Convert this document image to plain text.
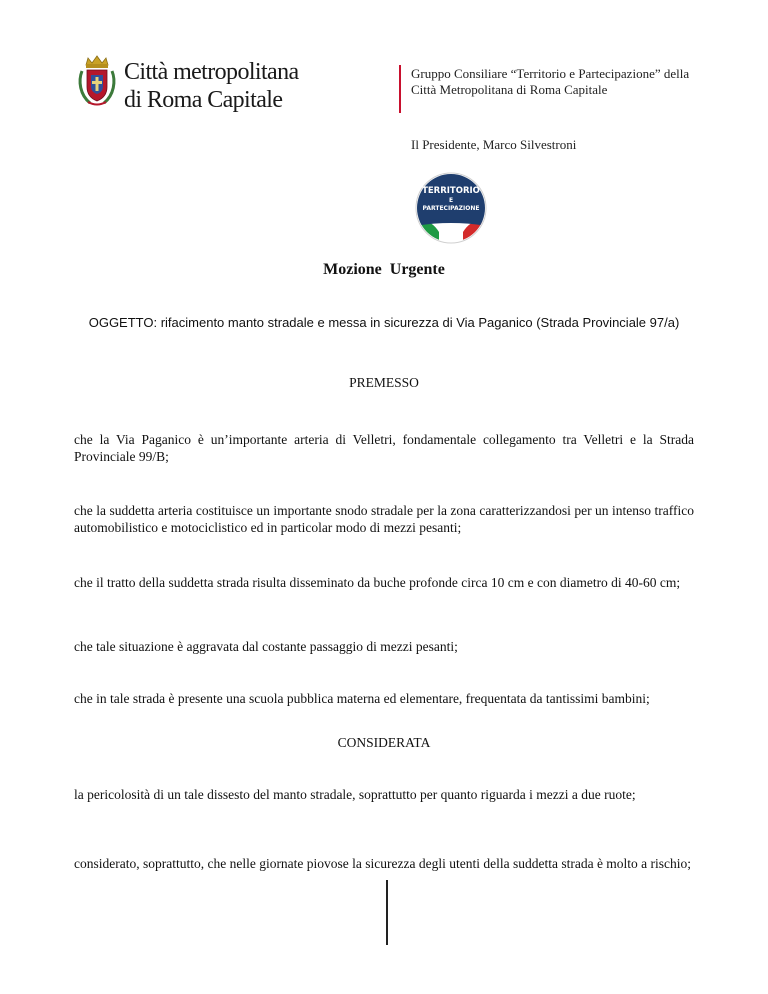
Città metropolitana
di Roma Capitale
Gruppo Consiliare “Territorio e Partecipazione” della Città Metropolitana di Roma Capitale
Il Presidente, Marco Silvestroni
TERRITORIO
E
PARTECIPAZIONE
Mozione  Urgente
OGGETTO: rifacimento manto stradale e messa in sicurezza di Via Paganico (Strada Provinciale 97/a)
PREMESSO
che la Via Paganico è un’importante arteria di Velletri, fondamentale collegamento tra Velletri e la Strada Provinciale 99/B;
che la suddetta arteria costituisce un importante snodo stradale per la zona caratterizzandosi per un intenso traffico automobilistico e motociclistico ed in particolar modo di mezzi pesanti;
che il tratto della suddetta strada risulta disseminato da buche profonde circa 10 cm e con diametro di 40-60 cm;
che tale situazione è aggravata dal costante passaggio di mezzi pesanti;
che in tale strada è presente una scuola pubblica materna ed elementare, frequentata da tantissimi bambini;
CONSIDERATA
la pericolosità di un tale dissesto del manto stradale, soprattutto per quanto riguarda i mezzi a due ruote;
considerato, soprattutto, che nelle giornate piovose la sicurezza degli utenti della suddetta strada è molto a rischio;
